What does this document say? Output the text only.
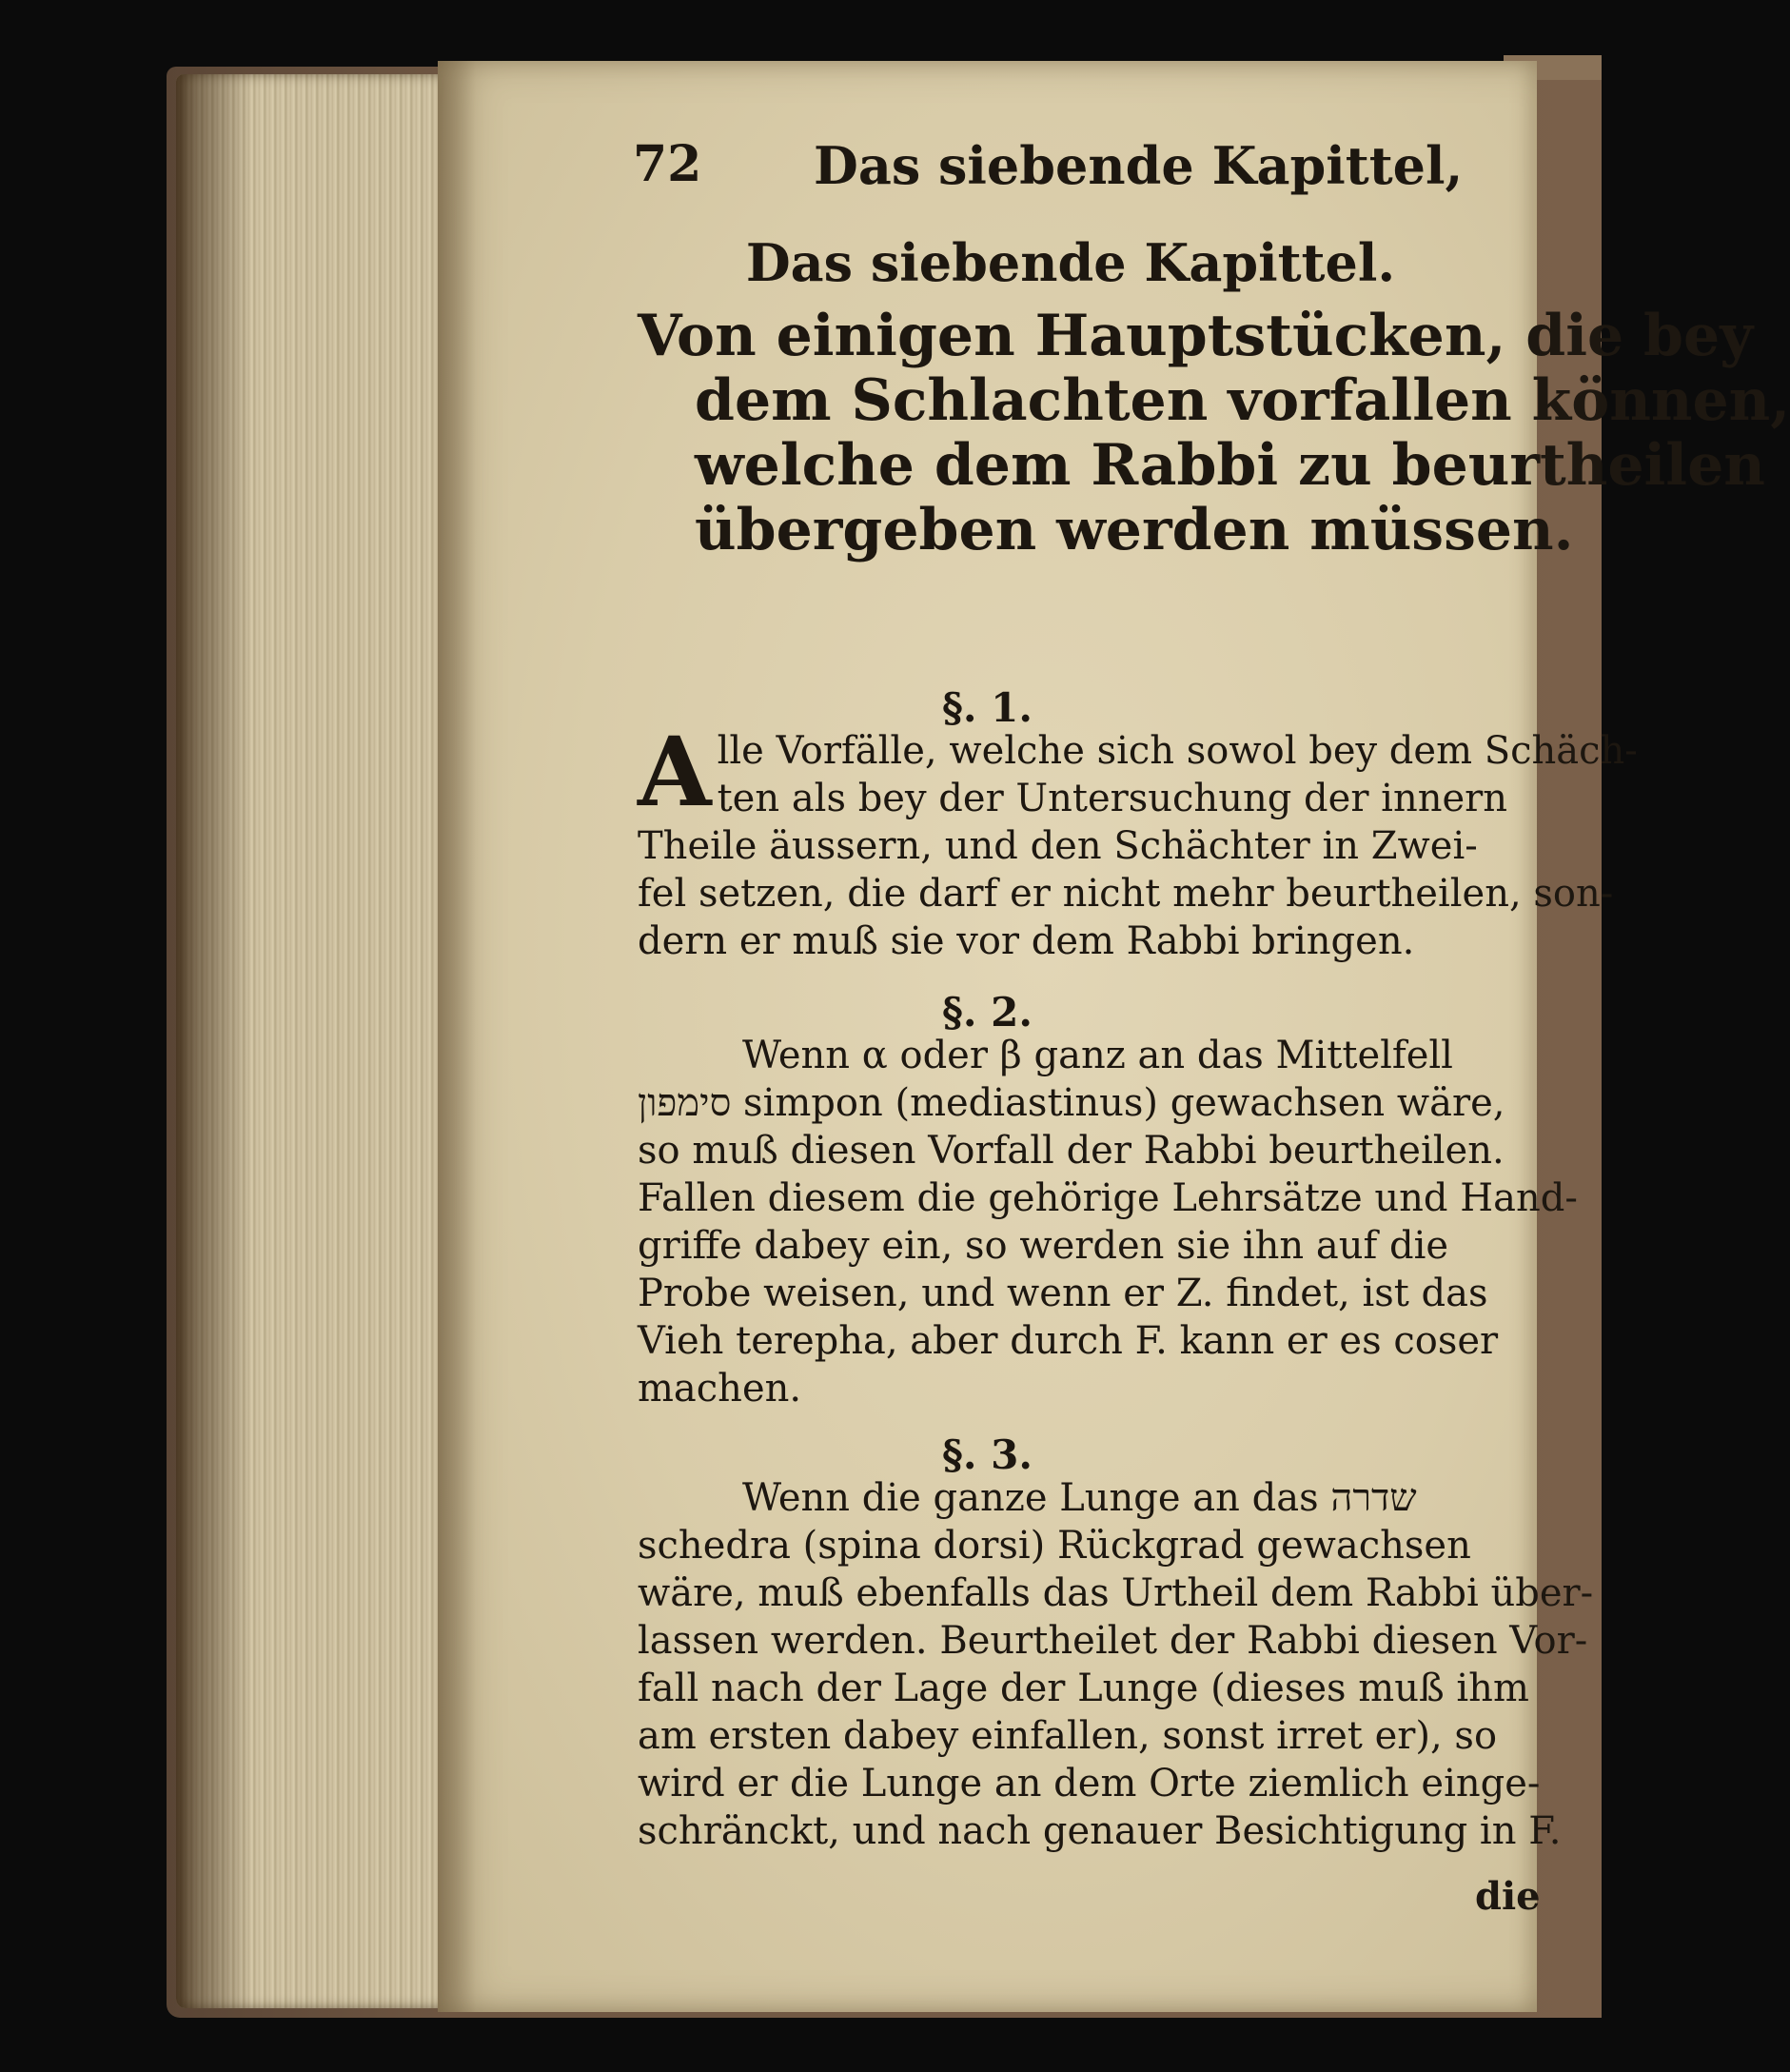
72 Das siebende Kapittel,
Das siebende Kapittel.
Von einigen Hauptstücken, die bey
dem Schlachten vorfallen können,
welche dem Rabbi zu beurtheilen
übergeben werden müssen.
§. 1.
A lle Vorfälle, welche sich sowol bey dem Schäch-
ten als bey der Untersuchung der innern
Theile äussern, und den Schächter in Zwei-
fel setzen, die darf er nicht mehr beurtheilen, son-
dern er muß sie vor dem Rabbi bringen.
§. 2.
Wenn α oder β ganz an das Mittelfell
סימפון simpon (mediastinus) gewachsen wäre,
so muß diesen Vorfall der Rabbi beurtheilen.
Fallen diesem die gehörige Lehrsätze und Hand-
griffe dabey ein, so werden sie ihn auf die
Probe weisen, und wenn er Z. findet, ist das
Vieh terepha, aber durch F. kann er es coser
machen.
§. 3.
Wenn die ganze Lunge an das שדרה
schedra (spina dorsi) Rückgrad gewachsen
wäre, muß ebenfalls das Urtheil dem Rabbi über-
lassen werden. Beurtheilet der Rabbi diesen Vor-
fall nach der Lage der Lunge (dieses muß ihm
am ersten dabey einfallen, sonst irret er), so
wird er die Lunge an dem Orte ziemlich einge-
schränckt, und nach genauer Besichtigung in F.
die
